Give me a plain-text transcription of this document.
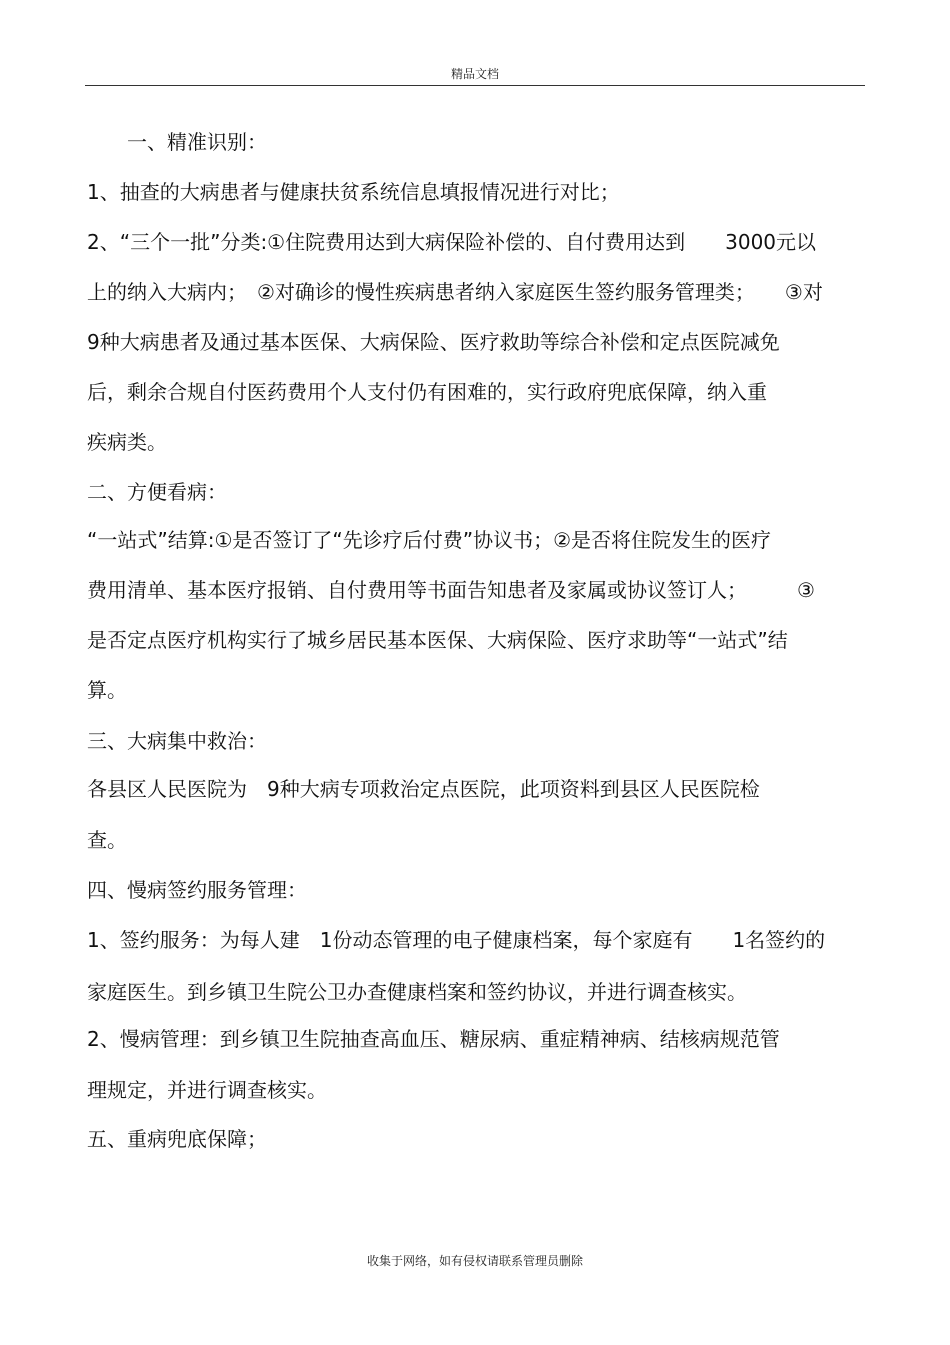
精品文档
　　一、精准识别：
1、抽查的大病患者与健康扶贫系统信息填报情况进行对比；
2、“三个一批”分类:①住院费用达到大病保险补偿的、自付费用达到　　3000元以
上的纳入大病内；　②对确诊的慢性疾病患者纳入家庭医生签约服务管理类；　　③对
9种大病患者及通过基本医保、大病保险、医疗救助等综合补偿和定点医院减免
后，剩余合规自付医药费用个人支付仍有困难的，实行政府兜底保障，纳入重
疾病类。
二、方便看病：
“一站式”结算:①是否签订了“先诊疗后付费”协议书；②是否将住院发生的医疗
费用清单、基本医疗报销、自付费用等书面告知患者及家属或协议签订人；　　　③
是否定点医疗机构实行了城乡居民基本医保、大病保险、医疗求助等“一站式”结
算。
三、大病集中救治：
各县区人民医院为　9种大病专项救治定点医院，此项资料到县区人民医院检
查。
四、慢病签约服务管理：
1、签约服务：为每人建　1份动态管理的电子健康档案，每个家庭有　　1名签约的
家庭医生。到乡镇卫生院公卫办查健康档案和签约协议，并进行调查核实。
2、慢病管理：到乡镇卫生院抽查高血压、糖尿病、重症精神病、结核病规范管
理规定，并进行调查核实。
五、重病兜底保障；
收集于网络，如有侵权请联系管理员删除
